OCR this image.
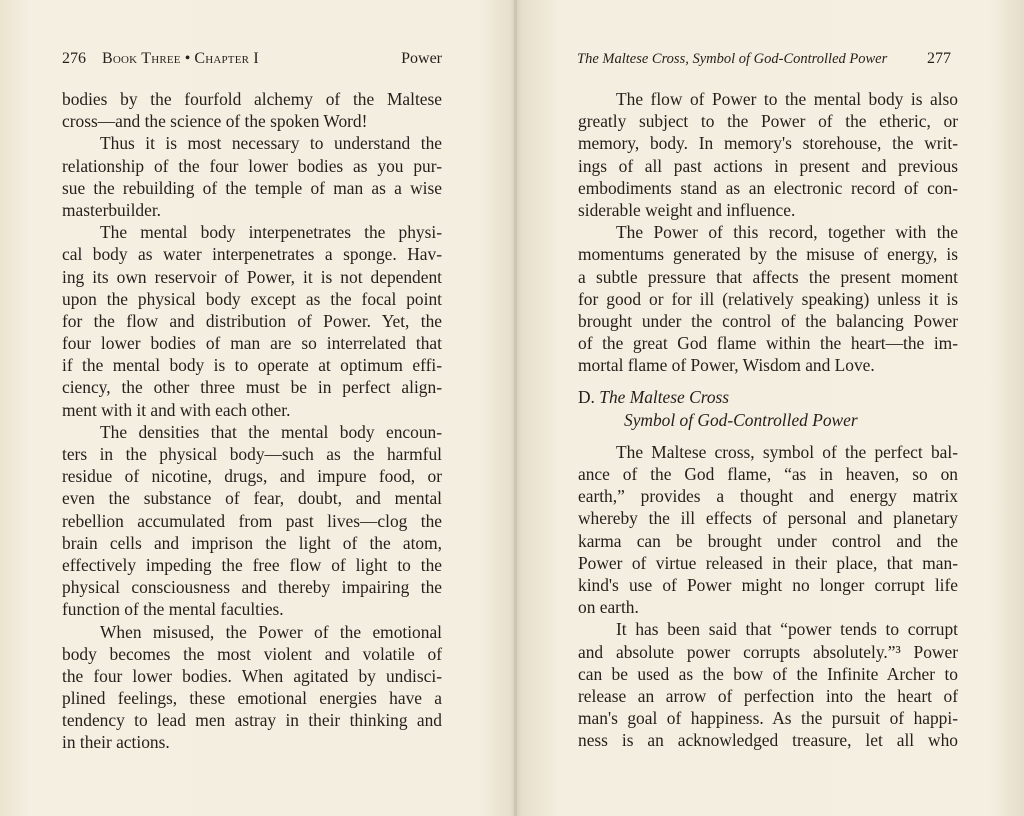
276 Book Three • Chapter I	Power
bodies by the fourfold alchemy of the Maltese
cross—and the science of the spoken Word!
Thus it is most necessary to understand the
relationship of the four lower bodies as you pur-
sue the rebuilding of the temple of man as a wise
masterbuilder.
The mental body interpenetrates the physi-
cal body as water interpenetrates a sponge. Hav-
ing its own reservoir of Power, it is not dependent
upon the physical body except as the focal point
for the flow and distribution of Power. Yet, the
four lower bodies of man are so interrelated that
if the mental body is to operate at optimum effi-
ciency, the other three must be in perfect align-
ment with it and with each other.
The densities that the mental body encoun-
ters in the physical body—such as the harmful
residue of nicotine, drugs, and impure food, or
even the substance of fear, doubt, and mental
rebellion accumulated from past lives—clog the
brain cells and imprison the light of the atom,
effectively impeding the free flow of light to the
physical consciousness and thereby impairing the
function of the mental faculties.
When misused, the Power of the emotional
body becomes the most violent and volatile of
the four lower bodies. When agitated by undisci-
plined feelings, these emotional energies have a
tendency to lead men astray in their thinking and
in their actions.
The Maltese Cross, Symbol of God-Controlled Power 277
The flow of Power to the mental body is also
greatly subject to the Power of the etheric, or
memory, body. In memory's storehouse, the writ-
ings of all past actions in present and previous
embodiments stand as an electronic record of con-
siderable weight and influence.
The Power of this record, together with the
momentums generated by the misuse of energy, is
a subtle pressure that affects the present moment
for good or for ill (relatively speaking) unless it is
brought under the control of the balancing Power
of the great God flame within the heart—the im-
mortal flame of Power, Wisdom and Love.
D. The Maltese Cross
Symbol of God-Controlled Power
The Maltese cross, symbol of the perfect bal-
ance of the God flame, “as in heaven, so on
earth,” provides a thought and energy matrix
whereby the ill effects of personal and planetary
karma can be brought under control and the
Power of virtue released in their place, that man-
kind's use of Power might no longer corrupt life
on earth.
It has been said that “power tends to corrupt
and absolute power corrupts absolutely.”³ Power
can be used as the bow of the Infinite Archer to
release an arrow of perfection into the heart of
man's goal of happiness. As the pursuit of happi-
ness is an acknowledged treasure, let all who
